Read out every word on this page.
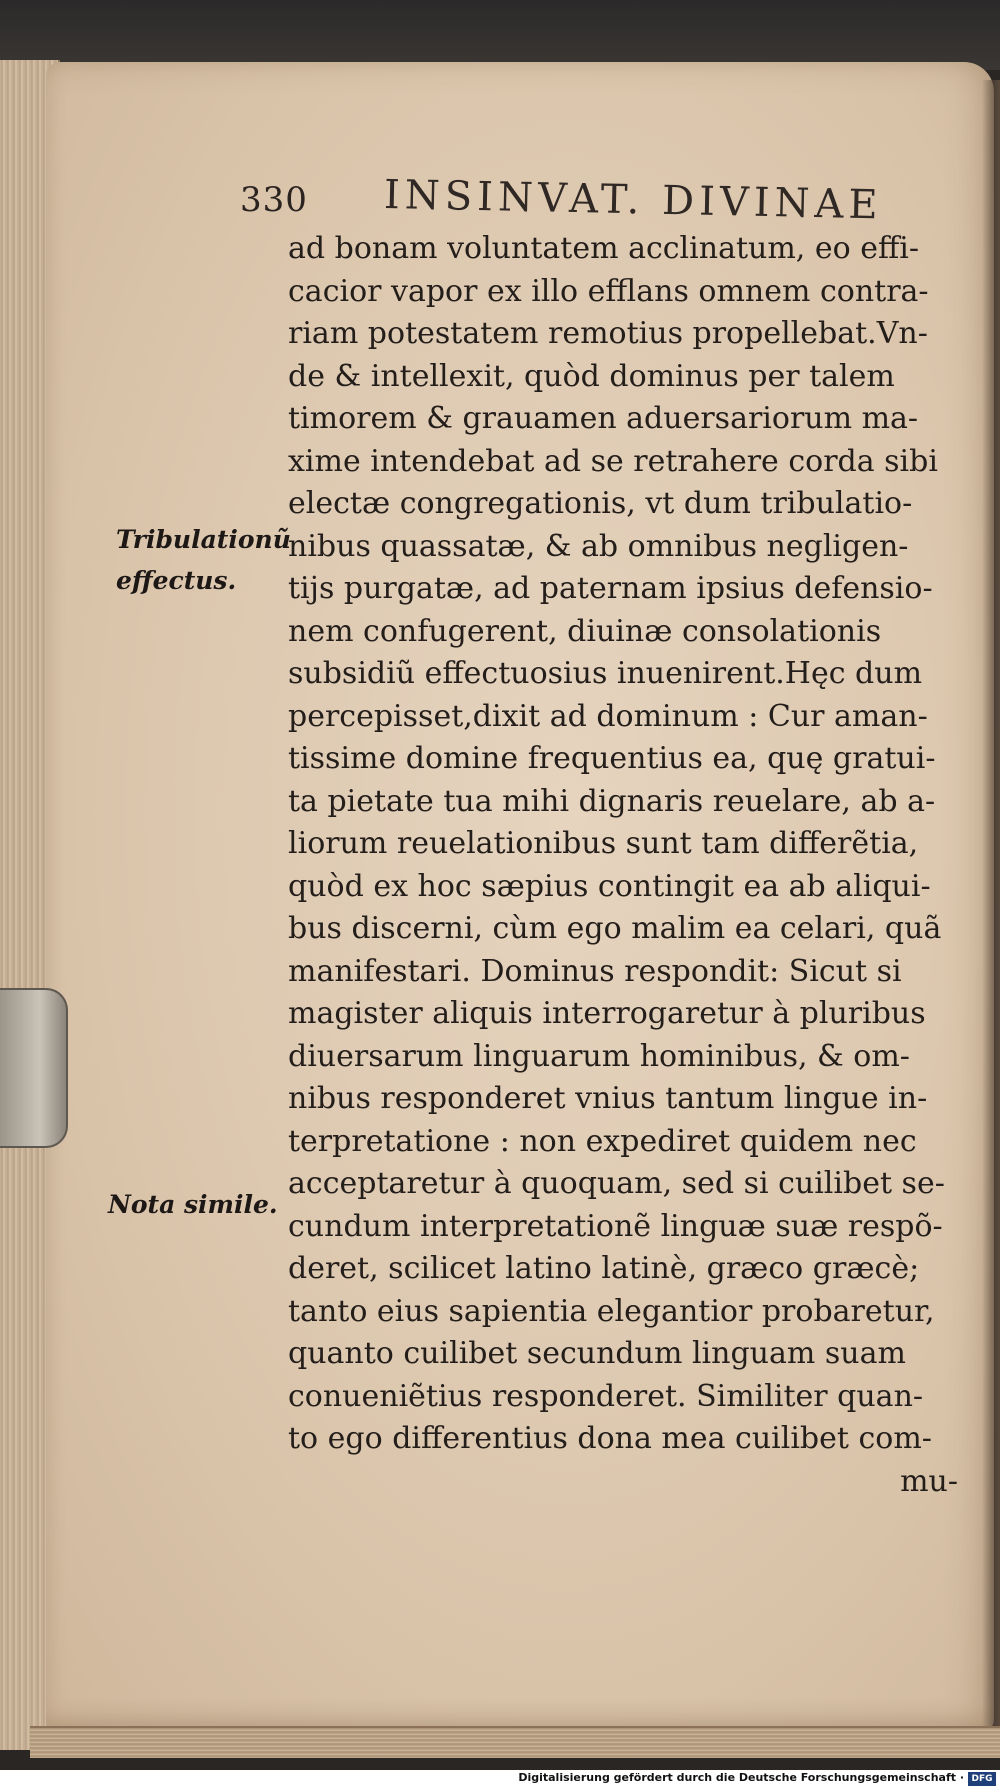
330 INSINVAT. DIVINAE
Tribulationũ
effectus.
Nota simile.
ad bonam voluntatem acclinatum, eo effi-
cacior vapor ex illo efflans omnem contra-
riam potestatem remotius propellebat.Vn-
de & intellexit, quòd dominus per talem
timorem & grauamen aduersariorum ma-
xime intendebat ad se retrahere corda sibi
electæ congregationis, vt dum tribulatio-
nibus quassatæ, & ab omnibus negligen-
tijs purgatæ, ad paternam ipsius defensio-
nem confugerent, diuinæ consolationis
subsidiũ effectuosius inuenirent.Hęc dum
percepisset,dixit ad dominum : Cur aman-
tissime domine frequentius ea, quę gratui-
ta pietate tua mihi dignaris reuelare, ab a-
liorum reuelationibus sunt tam differẽtia,
quòd ex hoc sæpius contingit ea ab aliqui-
bus discerni, cùm ego malim ea celari, quã
manifestari. Dominus respondit: Sicut si
magister aliquis interrogaretur à pluribus
diuersarum linguarum hominibus, & om-
nibus responderet vnius tantum lingue in-
terpretatione : non expediret quidem nec
acceptaretur à quoquam, sed si cuilibet se-
cundum interpretationẽ linguæ suæ respõ-
deret, scilicet latino latinè, græco græcè;
tanto eius sapientia elegantior probaretur,
quanto cuilibet secundum linguam suam
conueniẽtius responderet. Similiter quan-
to ego differentius dona mea cuilibet com-
mu-
Digitalisierung gefördert durch die Deutsche Forschungsgemeinschaft · DFG
